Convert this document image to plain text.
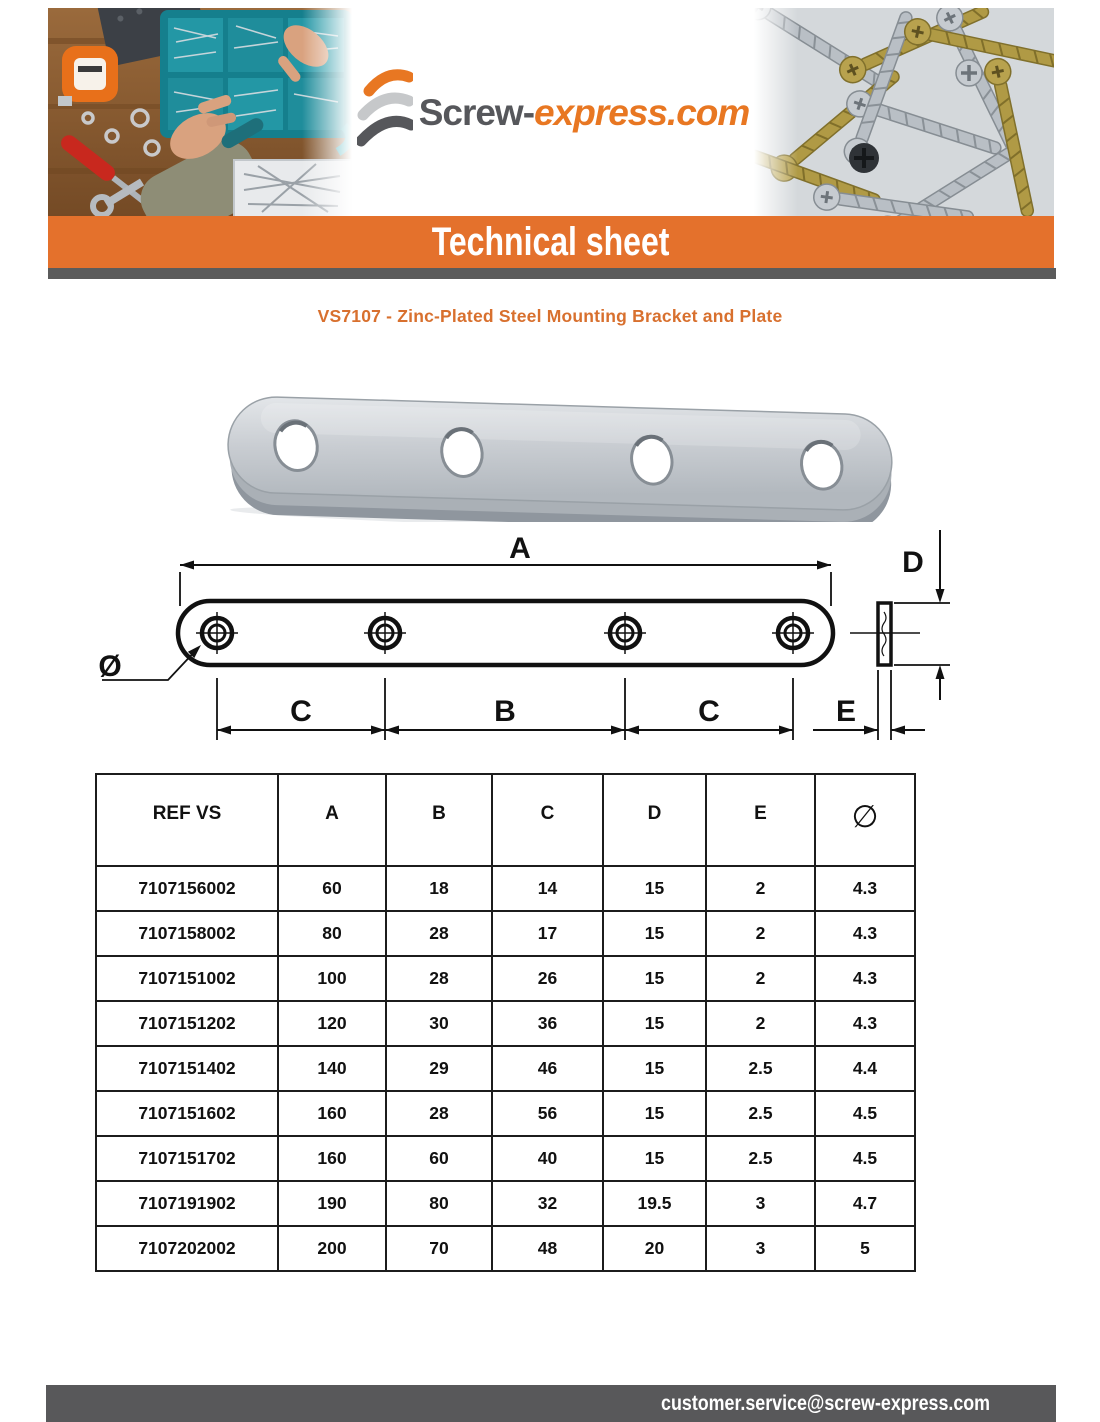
Screw-express.com
Technical sheet
VS7107 - Zinc-Plated Steel Mounting Bracket and Plate
A
C	B	C	E
D
Ø
REF VS	A	B	C	D	E	∅
7107156002	60	18	14	15	2	4.3
7107158002	80	28	17	15	2	4.3
7107151002	100	28	26	15	2	4.3
7107151202	120	30	36	15	2	4.3
7107151402	140	29	46	15	2.5	4.4
7107151602	160	28	56	15	2.5	4.5
7107151702	160	60	40	15	2.5	4.5
7107191902	190	80	32	19.5	3	4.7
7107202002	200	70	48	20	3	5
customer.service@screw-express.com
